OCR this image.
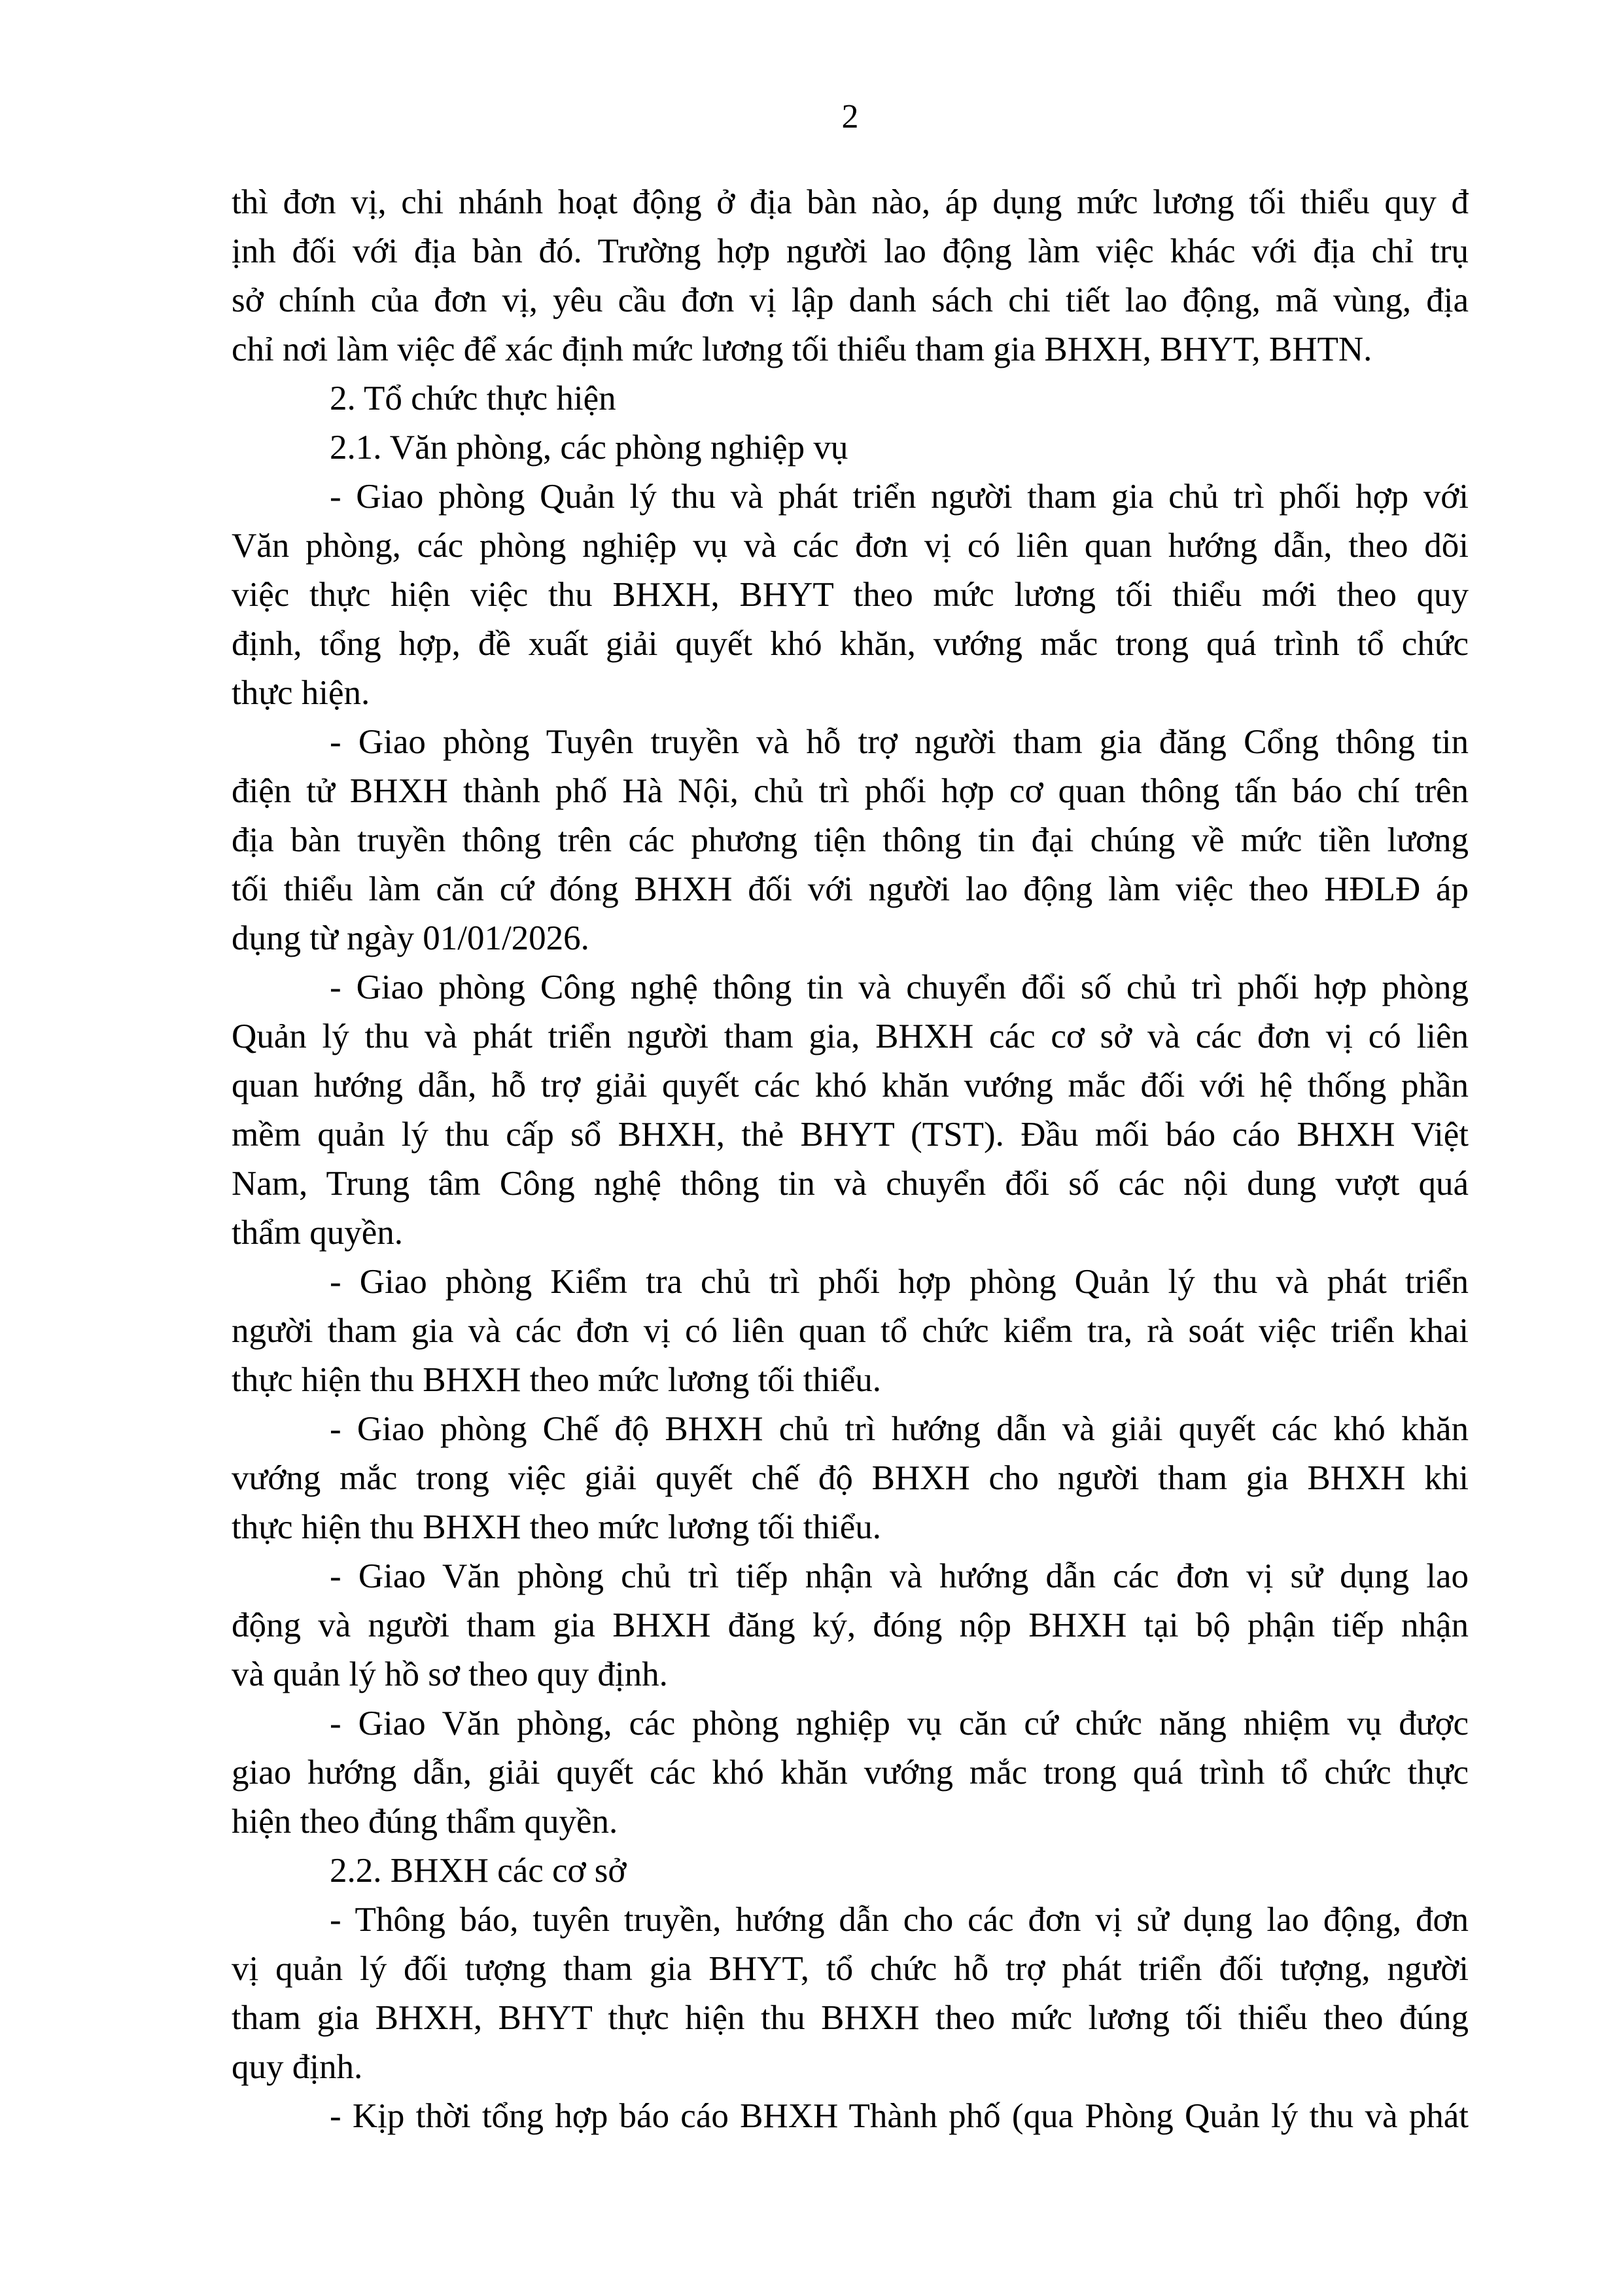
2
thì đơn vị, chi nhánh hoạt động ở địa bàn nào, áp dụng mức lương tối thiểu quy đ
ịnh đối với địa bàn đó. Trường hợp người lao động làm việc khác với địa chỉ trụ
sở chính của đơn vị, yêu cầu đơn vị lập danh sách chi tiết lao động, mã vùng, địa
chỉ nơi làm việc để xác định mức lương tối thiểu tham gia BHXH, BHYT, BHTN.
2. Tổ chức thực hiện
2.1. Văn phòng, các phòng nghiệp vụ
- Giao phòng Quản lý thu và phát triển người tham gia chủ trì phối hợp với
Văn phòng, các phòng nghiệp vụ và các đơn vị có liên quan hướng dẫn, theo dõi
việc thực hiện việc thu BHXH, BHYT theo mức lương tối thiểu mới theo quy
định, tổng hợp, đề xuất giải quyết khó khăn, vướng mắc trong quá trình tổ chức
thực hiện.
- Giao phòng Tuyên truyền và hỗ trợ người tham gia đăng Cổng thông tin
điện tử BHXH thành phố Hà Nội, chủ trì phối hợp cơ quan thông tấn báo chí trên
địa bàn truyền thông trên các phương tiện thông tin đại chúng về mức tiền lương
tối thiểu làm căn cứ đóng BHXH đối với người lao động làm việc theo HĐLĐ áp
dụng từ ngày 01/01/2026.
- Giao phòng Công nghệ thông tin và chuyển đổi số chủ trì phối hợp phòng
Quản lý thu và phát triển người tham gia, BHXH các cơ sở và các đơn vị có liên
quan hướng dẫn, hỗ trợ giải quyết các khó khăn vướng mắc đối với hệ thống phần
mềm quản lý thu cấp sổ BHXH, thẻ BHYT (TST). Đầu mối báo cáo BHXH Việt
Nam, Trung tâm Công nghệ thông tin và chuyển đổi số các nội dung vượt quá
thẩm quyền.
- Giao phòng Kiểm tra chủ trì phối hợp phòng Quản lý thu và phát triển
người tham gia và các đơn vị có liên quan tổ chức kiểm tra, rà soát việc triển khai
thực hiện thu BHXH theo mức lương tối thiểu.
- Giao phòng Chế độ BHXH chủ trì hướng dẫn và giải quyết các khó khăn
vướng mắc trong việc giải quyết chế độ BHXH cho người tham gia BHXH khi
thực hiện thu BHXH theo mức lương tối thiểu.
- Giao Văn phòng chủ trì tiếp nhận và hướng dẫn các đơn vị sử dụng lao
động và người tham gia BHXH đăng ký, đóng nộp BHXH tại bộ phận tiếp nhận
và quản lý hồ sơ theo quy định.
- Giao Văn phòng, các phòng nghiệp vụ căn cứ chức năng nhiệm vụ được
giao hướng dẫn, giải quyết các khó khăn vướng mắc trong quá trình tổ chức thực
hiện theo đúng thẩm quyền.
2.2. BHXH các cơ sở
- Thông báo, tuyên truyền, hướng dẫn cho các đơn vị sử dụng lao động, đơn
vị quản lý đối tượng tham gia BHYT, tổ chức hỗ trợ phát triển đối tượng, người
tham gia BHXH, BHYT thực hiện thu BHXH theo mức lương tối thiểu theo đúng
quy định.
- Kịp thời tổng hợp báo cáo BHXH Thành phố (qua Phòng Quản lý thu và phát
